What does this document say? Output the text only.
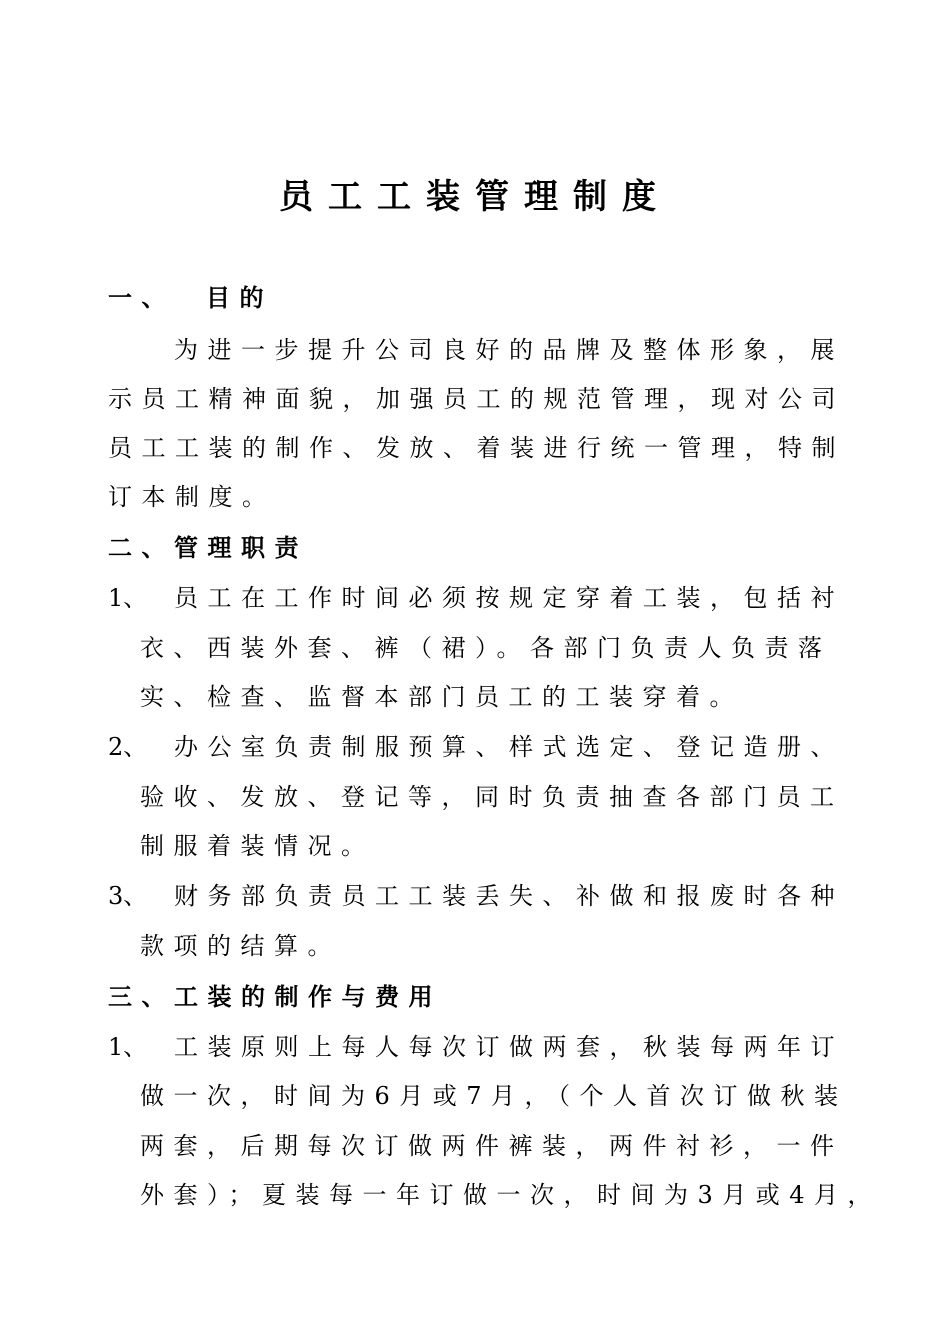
员工工装管理制度
一、 目的
为进一步提升公司良好的品牌及整体形象，展
示员工精神面貌，加强员工的规范管理，现对公司
员工工装的制作、发放、着装进行统一管理，特制
订本制度。
二、管理职责
1、 员工在工作时间必须按规定穿着工装，包括衬
衣、西装外套、裤（裙）。各部门负责人负责落
实、检查、监督本部门员工的工装穿着。
2、 办公室负责制服预算、样式选定、登记造册、
验收、发放、登记等，同时负责抽查各部门员工
制服着装情况。
3、 财务部负责员工工装丢失、补做和报废时各种
款项的结算。
三、工装的制作与费用
1、 工装原则上每人每次订做两套，秋装每两年订
做一次，时间为6月或7月，（个人首次订做秋装
两套，后期每次订做两件裤装，两件衬衫，一件
外套）；夏装每一年订做一次，时间为3月或4月，
